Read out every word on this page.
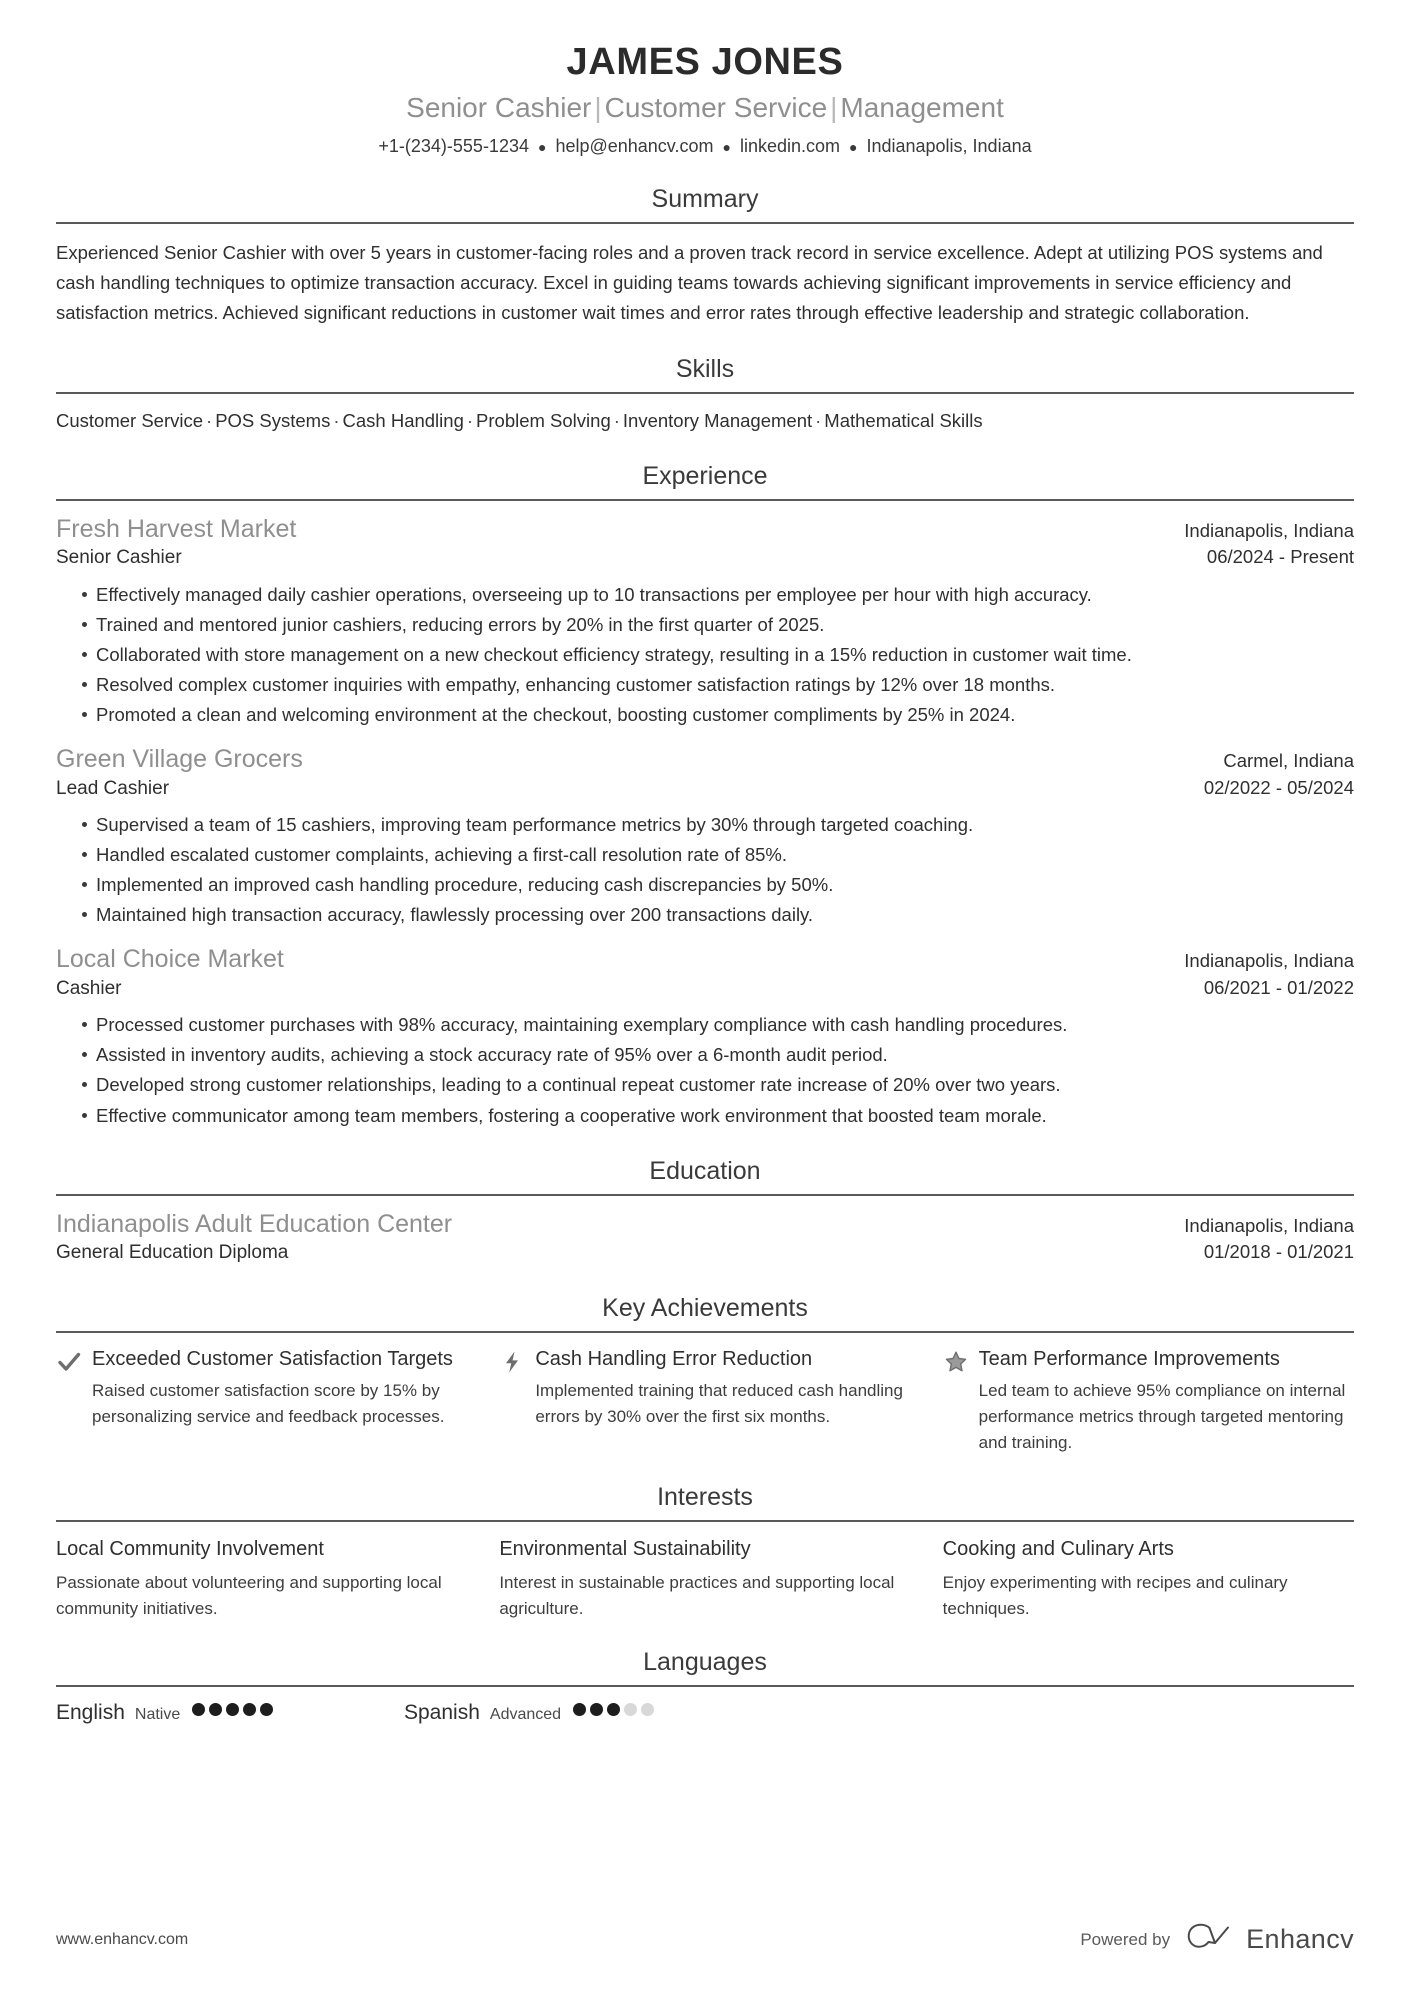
JAMES JONES
Senior Cashier | Customer Service | Management
+1-(234)-555-1234 ● help@enhancv.com ● linkedin.com ● Indianapolis, Indiana
Summary
Experienced Senior Cashier with over 5 years in customer-facing roles and a proven track record in service excellence. Adept at utilizing POS systems and cash handling techniques to optimize transaction accuracy. Excel in guiding teams towards achieving significant improvements in service efficiency and satisfaction metrics. Achieved significant reductions in customer wait times and error rates through effective leadership and strategic collaboration.
Skills
Customer Service · POS Systems · Cash Handling · Problem Solving · Inventory Management · Mathematical Skills
Experience
Fresh Harvest Market	Indianapolis, Indiana
Senior Cashier	06/2024 - Present
Effectively managed daily cashier operations, overseeing up to 10 transactions per employee per hour with high accuracy.
Trained and mentored junior cashiers, reducing errors by 20% in the first quarter of 2025.
Collaborated with store management on a new checkout efficiency strategy, resulting in a 15% reduction in customer wait time.
Resolved complex customer inquiries with empathy, enhancing customer satisfaction ratings by 12% over 18 months.
Promoted a clean and welcoming environment at the checkout, boosting customer compliments by 25% in 2024.
Green Village Grocers	Carmel, Indiana
Lead Cashier	02/2022 - 05/2024
Supervised a team of 15 cashiers, improving team performance metrics by 30% through targeted coaching.
Handled escalated customer complaints, achieving a first-call resolution rate of 85%.
Implemented an improved cash handling procedure, reducing cash discrepancies by 50%.
Maintained high transaction accuracy, flawlessly processing over 200 transactions daily.
Local Choice Market	Indianapolis, Indiana
Cashier	06/2021 - 01/2022
Processed customer purchases with 98% accuracy, maintaining exemplary compliance with cash handling procedures.
Assisted in inventory audits, achieving a stock accuracy rate of 95% over a 6-month audit period.
Developed strong customer relationships, leading to a continual repeat customer rate increase of 20% over two years.
Effective communicator among team members, fostering a cooperative work environment that boosted team morale.
Education
Indianapolis Adult Education Center	Indianapolis, Indiana
General Education Diploma	01/2018 - 01/2021
Key Achievements
Exceeded Customer Satisfaction Targets
Raised customer satisfaction score by 15% by personalizing service and feedback processes.
Cash Handling Error Reduction
Implemented training that reduced cash handling errors by 30% over the first six months.
Team Performance Improvements
Led team to achieve 95% compliance on internal performance metrics through targeted mentoring and training.
Interests
Local Community Involvement
Passionate about volunteering and supporting local community initiatives.
Environmental Sustainability
Interest in sustainable practices and supporting local agriculture.
Cooking and Culinary Arts
Enjoy experimenting with recipes and culinary techniques.
Languages
English Native	Spanish Advanced
www.enhancv.com	Powered by	Enhancv
